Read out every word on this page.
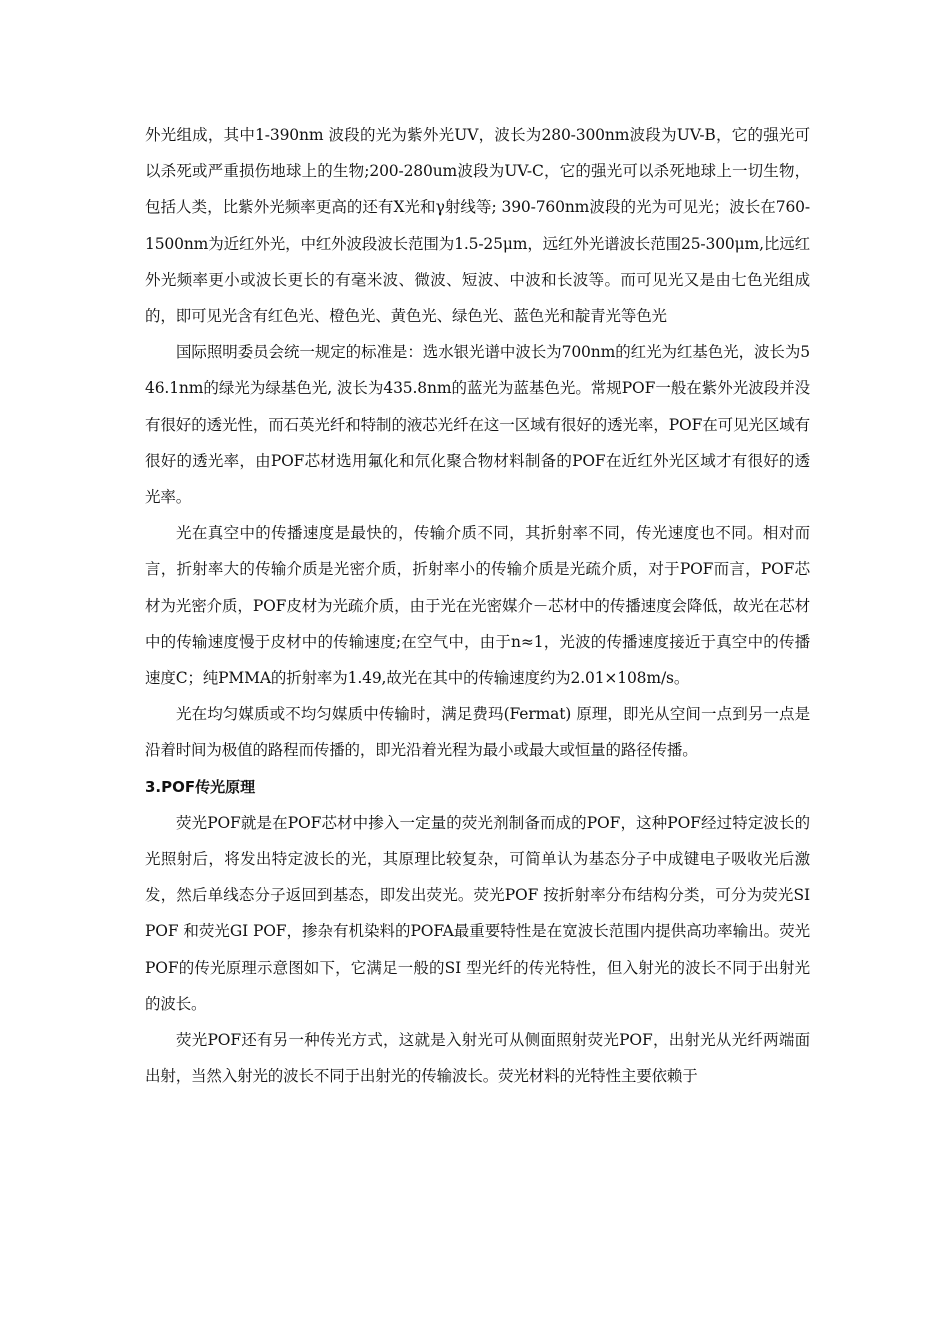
外光组成，其中1-390nm 波段的光为紫外光UV，波长为280-300nm波段为UV-B，它的强光可以杀死或严重损伤地球上的生物;200-280um波段为UV-C，它的强光可以杀死地球上一切生物，包括人类，比紫外光频率更高的还有X光和γ射线等; 390-760nm波段的光为可见光；波长在760-1500nm为近红外光，中红外波段波长范围为1.5-25μm，远红外光谱波长范围25-300μm,比远红外光频率更小或波长更长的有毫米波、微波、短波、中波和长波等。而可见光又是由七色光组成的，即可见光含有红色光、橙色光、黄色光、绿色光、蓝色光和靛青光等色光

国际照明委员会统一规定的标准是：选水银光谱中波长为700nm的红光为红基色光，波长为546.1nm的绿光为绿基色光, 波长为435.8nm的蓝光为蓝基色光。常规POF一般在紫外光波段并没有很好的透光性，而石英光纤和特制的液芯光纤在这一区域有很好的透光率，POF在可见光区域有很好的透光率，由POF芯材选用氟化和氘化聚合物材料制备的POF在近红外光区域才有很好的透光率。

光在真空中的传播速度是最快的，传输介质不同，其折射率不同，传光速度也不同。相对而言，折射率大的传输介质是光密介质，折射率小的传输介质是光疏介质，对于POF而言，POF芯材为光密介质，POF皮材为光疏介质，由于光在光密媒介－芯材中的传播速度会降低，故光在芯材中的传输速度慢于皮材中的传输速度;在空气中，由于n≈1，光波的传播速度接近于真空中的传播速度C；纯PMMA的折射率为1.49,故光在其中的传输速度约为2.01×108m/s。

光在均匀媒质或不均匀媒质中传输时，满足费玛(Fermat) 原理，即光从空间一点到另一点是沿着时间为极值的路程而传播的，即光沿着光程为最小或最大或恒量的路径传播。

3.POF传光原理

荧光POF就是在POF芯材中掺入一定量的荧光剂制备而成的POF，这种POF经过特定波长的光照射后，将发出特定波长的光，其原理比较复杂，可简单认为基态分子中成键电子吸收光后激发，然后单线态分子返回到基态，即发出荧光。荧光POF 按折射率分布结构分类，可分为荧光SI POF 和荧光GI POF，掺杂有机染料的POFA最重要特性是在宽波长范围内提供高功率输出。荧光POF的传光原理示意图如下，它满足一般的SI 型光纤的传光特性，但入射光的波长不同于出射光的波长。

荧光POF还有另一种传光方式，这就是入射光可从侧面照射荧光POF，出射光从光纤两端面出射，当然入射光的波长不同于出射光的传输波长。荧光材料的光特性主要依赖于
